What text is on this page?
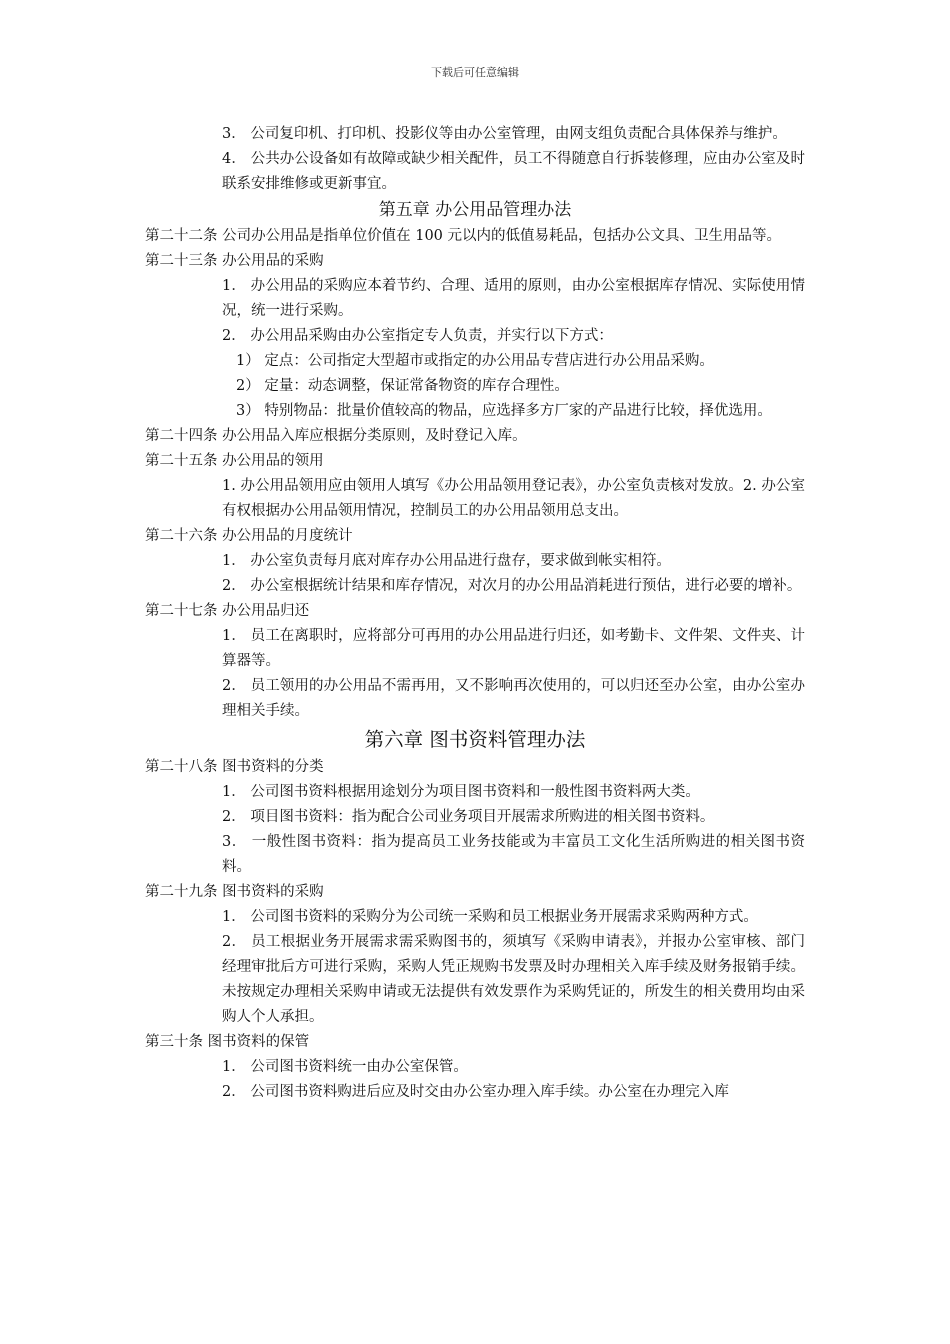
下载后可任意编辑

3． 公司复印机、打印机、投影仪等由办公室管理，由网支组负责配合具体保养与维护。

4． 公共办公设备如有故障或缺少相关配件，员工不得随意自行拆装修理，应由办公室及时联系安排维修或更新事宜。

第五章 办公用品管理办法

第二十二条 公司办公用品是指单位价值在 100 元以内的低值易耗品，包括办公文具、卫生用品等。

第二十三条 办公用品的采购

1． 办公用品的采购应本着节约、合理、适用的原则，由办公室根据库存情况、实际使用情况，统一进行采购。

2． 办公用品采购由办公室指定专人负责，并实行以下方式：

1） 定点：公司指定大型超市或指定的办公用品专营店进行办公用品采购。

2） 定量：动态调整，保证常备物资的库存合理性。

3） 特别物品：批量价值较高的物品，应选择多方厂家的产品进行比较，择优选用。

第二十四条 办公用品入库应根据分类原则，及时登记入库。

第二十五条 办公用品的领用

1. 办公用品领用应由领用人填写《办公用品领用登记表》，办公室负责核对发放。2. 办公室有权根据办公用品领用情况，控制员工的办公用品领用总支出。

第二十六条 办公用品的月度统计

1． 办公室负责每月底对库存办公用品进行盘存，要求做到帐实相符。

2． 办公室根据统计结果和库存情况，对次月的办公用品消耗进行预估，进行必要的增补。

第二十七条 办公用品归还

1． 员工在离职时，应将部分可再用的办公用品进行归还，如考勤卡、文件架、文件夹、计算器等。

2． 员工领用的办公用品不需再用，又不影响再次使用的，可以归还至办公室，由办公室办理相关手续。

第六章 图书资料管理办法

第二十八条 图书资料的分类

1． 公司图书资料根据用途划分为项目图书资料和一般性图书资料两大类。

2． 项目图书资料：指为配合公司业务项目开展需求所购进的相关图书资料。

3． 一般性图书资料：指为提高员工业务技能或为丰富员工文化生活所购进的相关图书资料。

第二十九条 图书资料的采购

1． 公司图书资料的采购分为公司统一采购和员工根据业务开展需求采购两种方式。

2． 员工根据业务开展需求需采购图书的，须填写《采购申请表》，并报办公室审核、部门经理审批后方可进行采购，采购人凭正规购书发票及时办理相关入库手续及财务报销手续。未按规定办理相关采购申请或无法提供有效发票作为采购凭证的，所发生的相关费用均由采购人个人承担。

第三十条 图书资料的保管

1． 公司图书资料统一由办公室保管。

2． 公司图书资料购进后应及时交由办公室办理入库手续。办公室在办理完入库
